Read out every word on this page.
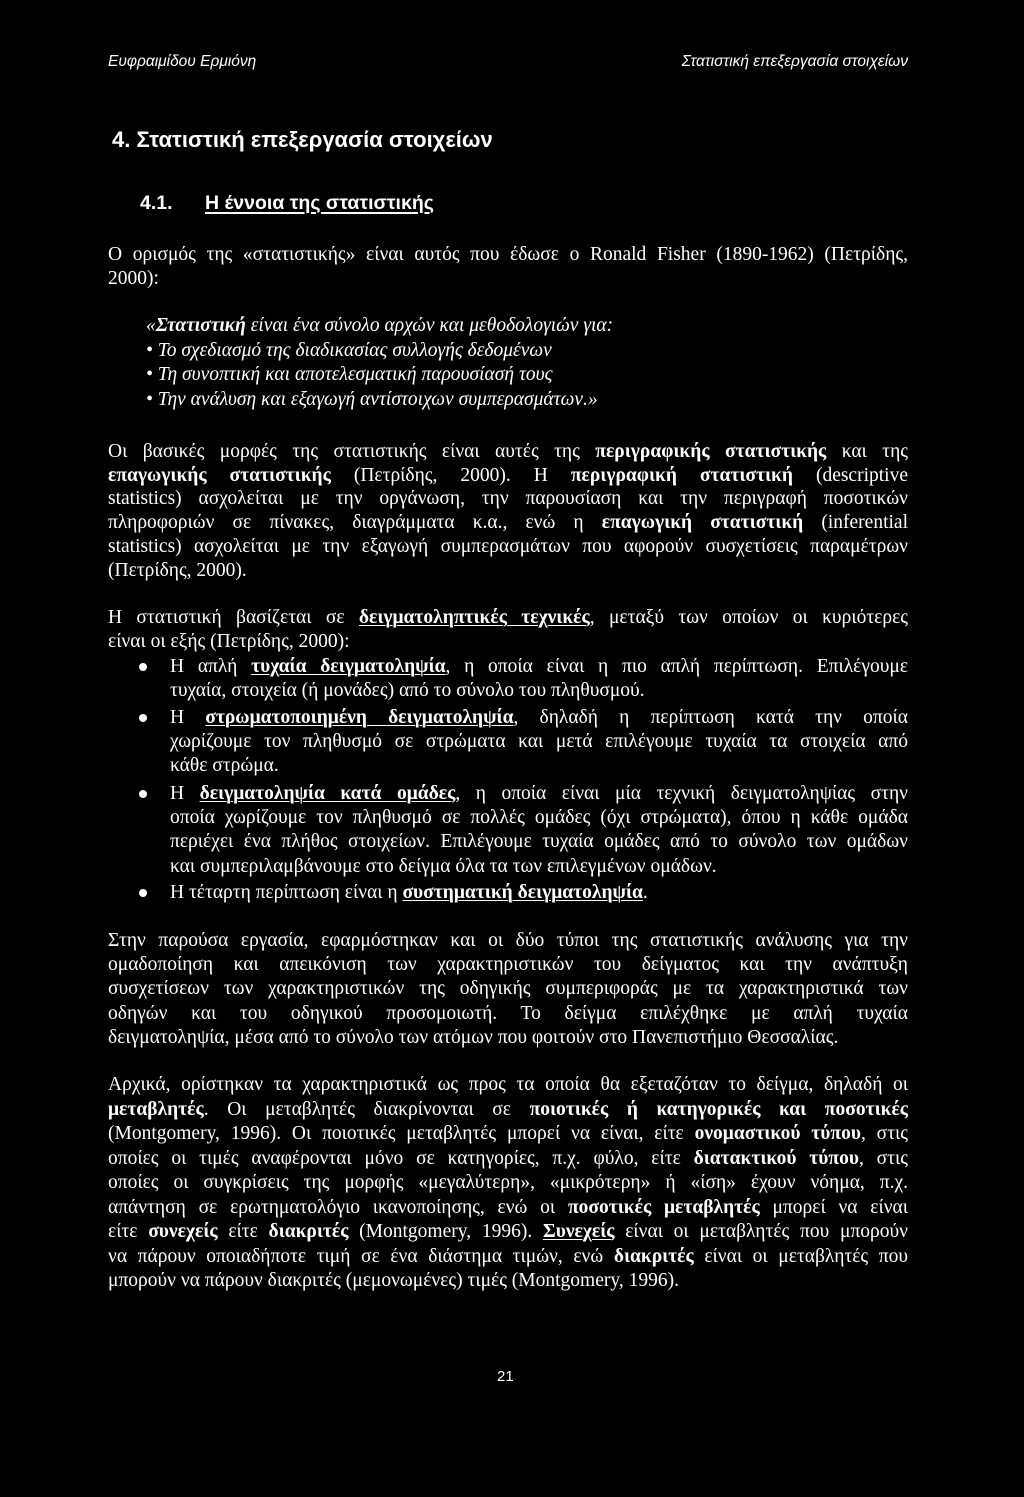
Ευφραιμίδου Ερμιόνη	Στατιστική επεξεργασία στοιχείων
4. Στατιστική επεξεργασία στοιχείων
4.1. Η έννοια της στατιστικής
Ο ορισμός της «στατιστικής» είναι αυτός που έδωσε ο Ronald Fisher (1890-1962) (Πετρίδης,
2000):
«Στατιστική είναι ένα σύνολο αρχών και μεθοδολογιών για:
• Το σχεδιασμό της διαδικασίας συλλογής δεδομένων
• Τη συνοπτική και αποτελεσματική παρουσίασή τους
• Την ανάλυση και εξαγωγή αντίστοιχων συμπερασμάτων.»
Οι βασικές μορφές της στατιστικής είναι αυτές της περιγραφικής στατιστικής και της
επαγωγικής στατιστικής (Πετρίδης, 2000). Η περιγραφική στατιστική (descriptive
statistics) ασχολείται με την οργάνωση, την παρουσίαση και την περιγραφή ποσοτικών
πληροφοριών σε πίνακες, διαγράμματα κ.α., ενώ η επαγωγική στατιστική (inferential
statistics) ασχολείται με την εξαγωγή συμπερασμάτων που αφορούν συσχετίσεις παραμέτρων
(Πετρίδης, 2000).
Η στατιστική βασίζεται σε δειγματοληπτικές τεχνικές, μεταξύ των οποίων οι κυριότερες
είναι οι εξής (Πετρίδης, 2000):
Η απλή τυχαία δειγματοληψία, η οποία είναι η πιο απλή περίπτωση. Επιλέγουμε
τυχαία, στοιχεία (ή μονάδες) από το σύνολο του πληθυσμού.
Η στρωματοποιημένη δειγματοληψία, δηλαδή η περίπτωση κατά την οποία
χωρίζουμε τον πληθυσμό σε στρώματα και μετά επιλέγουμε τυχαία τα στοιχεία από
κάθε στρώμα.
Η δειγματοληψία κατά ομάδες, η οποία είναι μία τεχνική δειγματοληψίας στην
οποία χωρίζουμε τον πληθυσμό σε πολλές ομάδες (όχι στρώματα), όπου η κάθε ομάδα
περιέχει ένα πλήθος στοιχείων. Επιλέγουμε τυχαία ομάδες από το σύνολο των ομάδων
και συμπεριλαμβάνουμε στο δείγμα όλα τα των επιλεγμένων ομάδων.
Η τέταρτη περίπτωση είναι η συστηματική δειγματοληψία.
Στην παρούσα εργασία, εφαρμόστηκαν και οι δύο τύποι της στατιστικής ανάλυσης για την
ομαδοποίηση και απεικόνιση των χαρακτηριστικών του δείγματος και την ανάπτυξη
συσχετίσεων των χαρακτηριστικών της οδηγικής συμπεριφοράς με τα χαρακτηριστικά των
οδηγών και του οδηγικού προσομοιωτή. Το δείγμα επιλέχθηκε με απλή τυχαία
δειγματοληψία, μέσα από το σύνολο των ατόμων που φοιτούν στο Πανεπιστήμιο Θεσσαλίας.
Αρχικά, ορίστηκαν τα χαρακτηριστικά ως προς τα οποία θα εξεταζόταν το δείγμα, δηλαδή οι
μεταβλητές. Οι μεταβλητές διακρίνονται σε ποιοτικές ή κατηγορικές και ποσοτικές
(Montgomery, 1996). Οι ποιοτικές μεταβλητές μπορεί να είναι, είτε ονομαστικού τύπου, στις
οποίες οι τιμές αναφέρονται μόνο σε κατηγορίες, π.χ. φύλο, είτε διατακτικού τύπου, στις
οποίες οι συγκρίσεις της μορφής «μεγαλύτερη», «μικρότερη» ή «ίση» έχουν νόημα, π.χ.
απάντηση σε ερωτηματολόγιο ικανοποίησης, ενώ οι ποσοτικές μεταβλητές μπορεί να είναι
είτε συνεχείς είτε διακριτές (Montgomery, 1996). Συνεχείς είναι οι μεταβλητές που μπορούν
να πάρουν οποιαδήποτε τιμή σε ένα διάστημα τιμών, ενώ διακριτές είναι οι μεταβλητές που
μπορούν να πάρουν διακριτές (μεμονωμένες) τιμές (Montgomery, 1996).
21
